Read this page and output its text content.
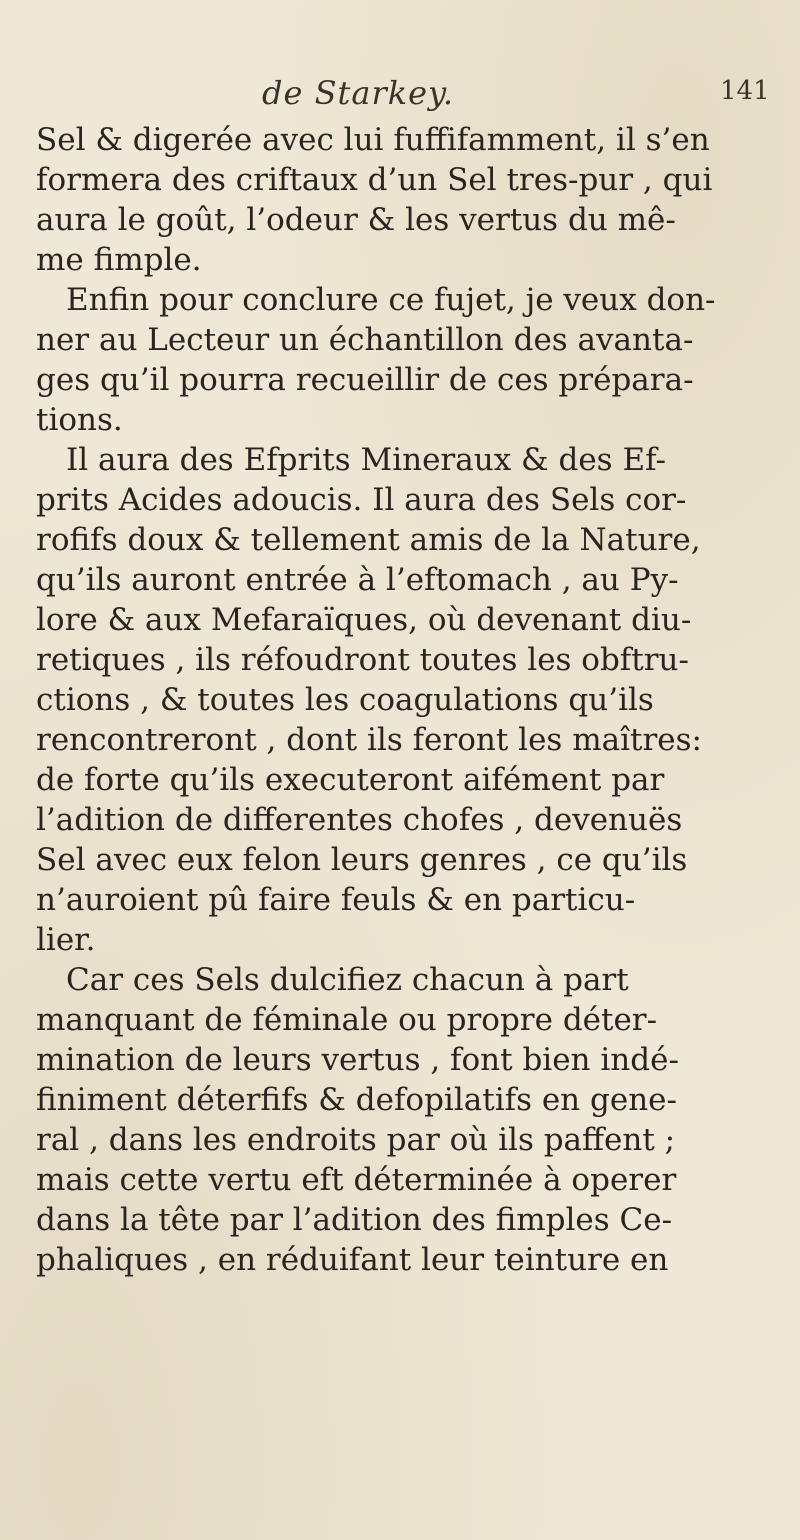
de Starkey.	141
Sel & digerée avec lui fuffifamment, il s’en
formera des criftaux d’un Sel tres-pur , qui
aura le goût, l’odeur & les vertus du mê-
me fimple.
Enfin pour conclure ce fujet, je veux don-
ner au Lecteur un échantillon des avanta-
ges qu’il pourra recueillir de ces prépara-
tions.
Il aura des Efprits Mineraux & des Ef-
prits Acides adoucis. Il aura des Sels cor-
rofifs doux & tellement amis de la Nature,
qu’ils auront entrée à l’eftomach , au Py-
lore & aux Mefaraïques, où devenant diu-
retiques , ils réfoudront toutes les obftru-
ctions , & toutes les coagulations qu’ils
rencontreront , dont ils feront les maîtres:
de forte qu’ils executeront aifément par
l’adition de differentes chofes , devenuës
Sel avec eux felon leurs genres , ce qu’ils
n’auroient pû faire feuls & en particu-
lier.
Car ces Sels dulcifiez chacun à part
manquant de féminale ou propre déter-
mination de leurs vertus , font bien indé-
finiment déterfifs & defopilatifs en gene-
ral , dans les endroits par où ils paffent ;
mais cette vertu eft déterminée à operer
dans la tête par l’adition des fimples Ce-
phaliques , en réduifant leur teinture en
